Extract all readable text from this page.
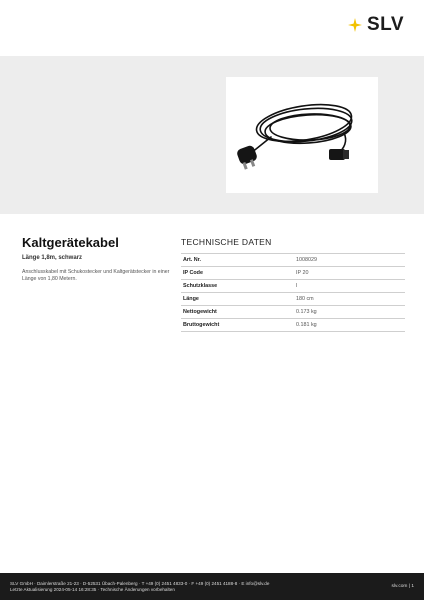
SLV
Kaltgerätekabel
Länge 1,8m, schwarz
Anschlusskabel mit Schukostecker und Kaltgerätstecker in einer Länge von 1,80 Metern.
TECHNISCHE DATEN
Art. Nr.	1008029
IP Code	IP 20
Schutzklasse	I
Länge	180 cm
Nettogewicht	0.173 kg
Bruttogewicht	0.181 kg
SLV GmbH · Daimlerstraße 21-23 · D-52531 Übach-Palenberg · T +49 (0) 2451 4833-0 · F +49 (0) 2451 4188-8 · E info@slv.de
Letzte Aktualisierung 2024-05-14 16:28:35 · Technische Änderungen vorbehalten
slv.com | 1
